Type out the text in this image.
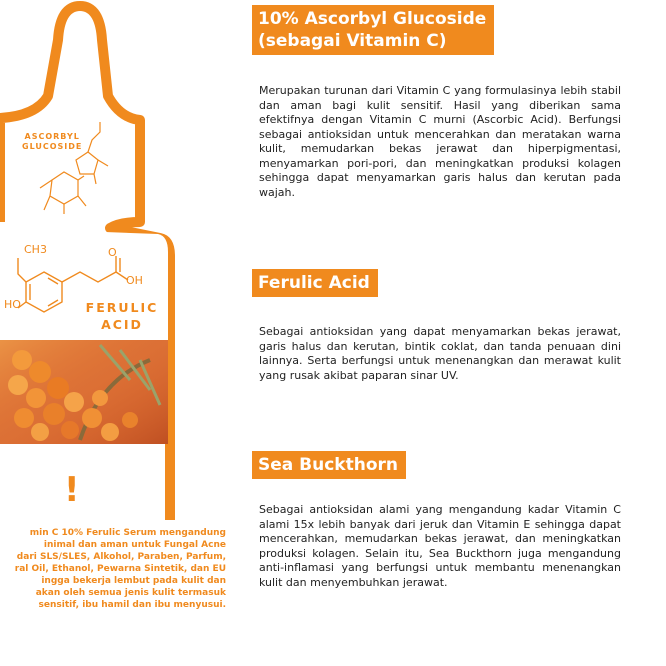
ASCORBYL
GLUCOSIDE
CH3	O
OH
HO	FERULIC
ACID
!
min C 10% Ferulic Serum mengandung
inimal dan aman untuk Fungal Acne
dari SLS/SLES, Alkohol, Paraben, Parfum,
ral Oil, Ethanol, Pewarna Sintetik, dan EU
ingga bekerja lembut pada kulit dan
akan oleh semua jenis kulit termasuk
sensitif, ibu hamil dan ibu menyusui.
10% Ascorbyl Glucoside
(sebagai Vitamin C)

Merupakan turunan dari Vitamin C yang formulasinya lebih stabil dan aman bagi kulit sensitif. Hasil yang diberikan sama efektifnya dengan Vitamin C murni (Ascorbic Acid). Berfungsi sebagai antioksidan untuk mencerahkan dan meratakan warna kulit, memudarkan bekas jerawat dan hiperpigmentasi, menyamarkan pori-pori, dan meningkatkan produksi kolagen sehingga dapat menyamarkan garis halus dan kerutan pada wajah.

Ferulic Acid

Sebagai antioksidan yang dapat menyamarkan bekas jerawat, garis halus dan kerutan, bintik coklat, dan tanda penuaan dini lainnya. Serta berfungsi untuk menenangkan dan merawat kulit yang rusak akibat paparan sinar UV.

Sea Buckthorn

Sebagai antioksidan alami yang mengandung kadar Vitamin C alami 15x lebih banyak dari jeruk dan Vitamin E sehingga dapat mencerahkan, memudarkan bekas jerawat, dan meningkatkan produksi kolagen. Selain itu, Sea Buckthorn juga mengandung anti-inflamasi yang berfungsi untuk membantu menenangkan kulit dan menyembuhkan jerawat.
